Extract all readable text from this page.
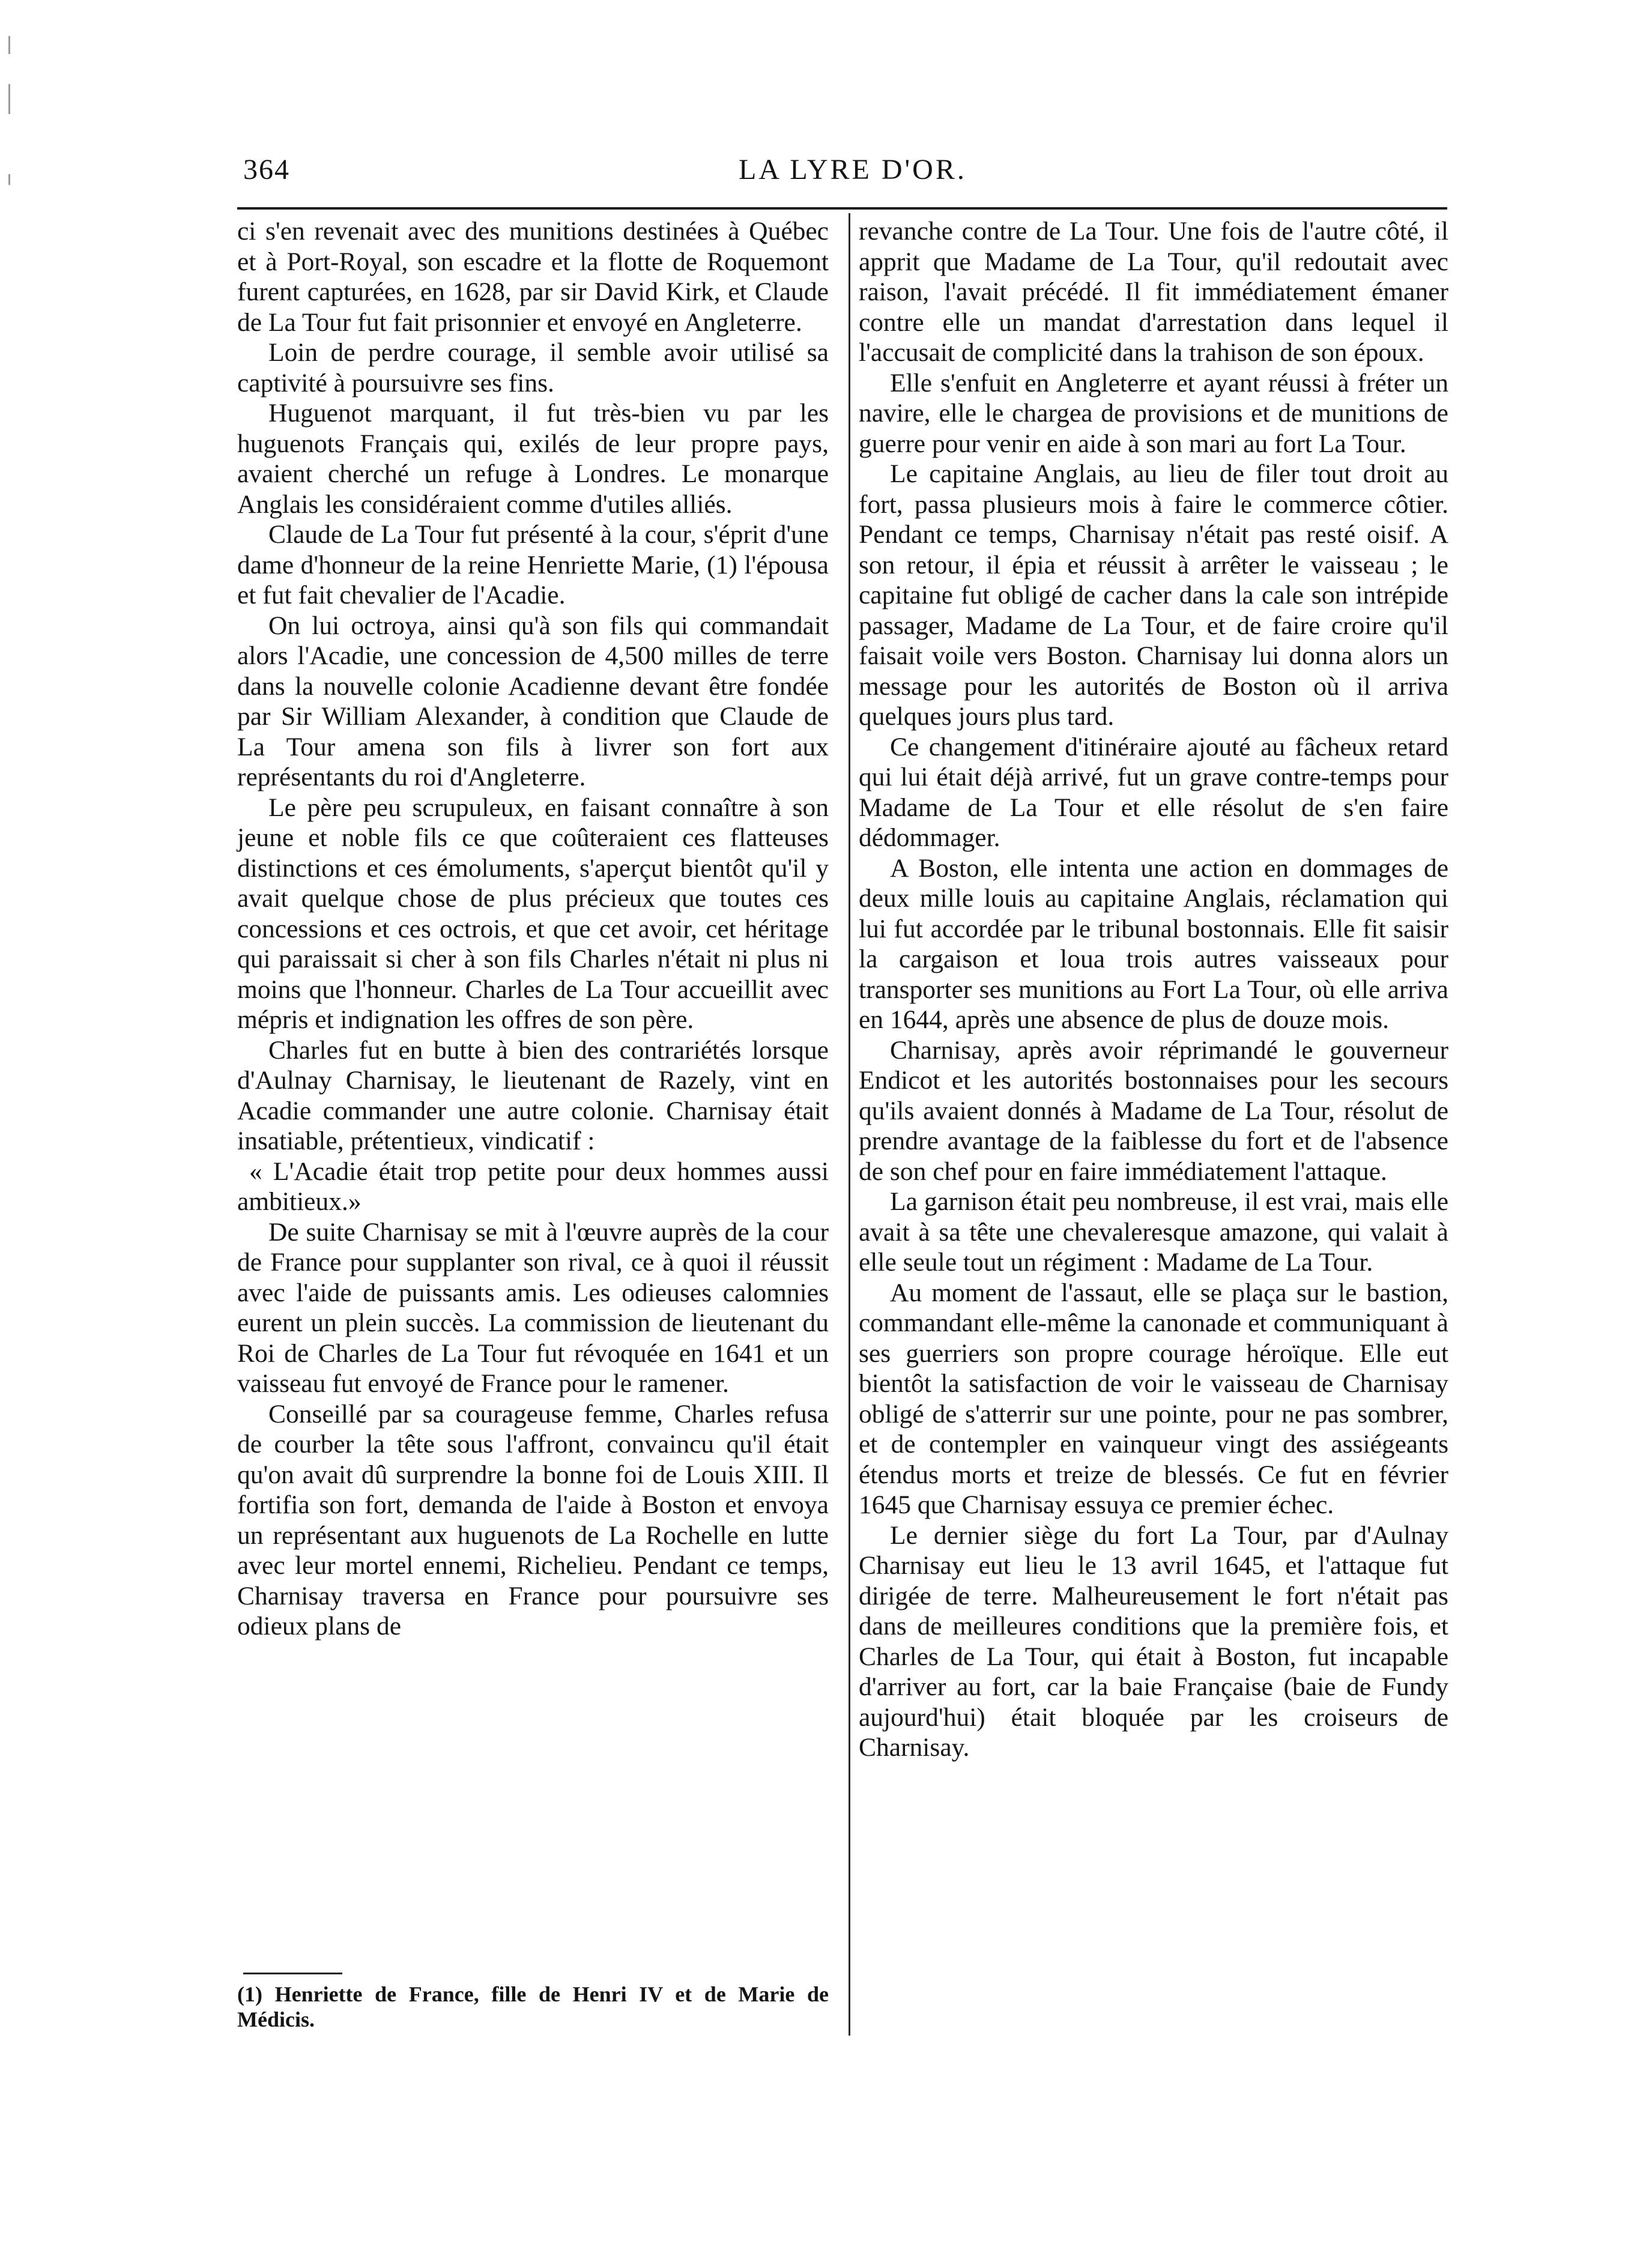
364	LA LYRE D'OR.

ci s'en revenait avec des munitions destinées à Québec et à Port-Royal, son escadre et la flotte de Roquemont furent capturées, en 1628, par sir David Kirk, et Claude de La Tour fut fait prisonnier et envoyé en Angleterre.

Loin de perdre courage, il semble avoir utilisé sa captivité à poursuivre ses fins.

Huguenot marquant, il fut très-bien vu par les huguenots Français qui, exilés de leur propre pays, avaient cherché un refuge à Londres. Le monarque Anglais les considéraient comme d'utiles alliés.

Claude de La Tour fut présenté à la cour, s'éprit d'une dame d'honneur de la reine Henriette Marie, (1) l'épousa et fut fait chevalier de l'Acadie.

On lui octroya, ainsi qu'à son fils qui commandait alors l'Acadie, une concession de 4,500 milles de terre dans la nouvelle colonie Acadienne devant être fondée par Sir William Alexander, à condition que Claude de La Tour amena son fils à livrer son fort aux représentants du roi d'Angleterre.

Le père peu scrupuleux, en faisant connaître à son jeune et noble fils ce que coûteraient ces flatteuses distinctions et ces émoluments, s'aperçut bientôt qu'il y avait quelque chose de plus précieux que toutes ces concessions et ces octrois, et que cet avoir, cet héritage qui paraissait si cher à son fils Charles n'était ni plus ni moins que l'honneur. Charles de La Tour accueillit avec mépris et indignation les offres de son père.

Charles fut en butte à bien des contrariétés lorsque d'Aulnay Charnisay, le lieutenant de Razely, vint en Acadie commander une autre colonie. Charnisay était insatiable, prétentieux, vindicatif :

« L'Acadie était trop petite pour deux hommes aussi ambitieux.»

De suite Charnisay se mit à l'œuvre auprès de la cour de France pour supplanter son rival, ce à quoi il réussit avec l'aide de puissants amis. Les odieuses calomnies eurent un plein succès. La commission de lieutenant du Roi de Charles de La Tour fut révoquée en 1641 et un vaisseau fut envoyé de France pour le ramener.

Conseillé par sa courageuse femme, Charles refusa de courber la tête sous l'affront, convaincu qu'il était qu'on avait dû surprendre la bonne foi de Louis XIII. Il fortifia son fort, demanda de l'aide à Boston et envoya un représentant aux huguenots de La Rochelle en lutte avec leur mortel ennemi, Richelieu. Pendant ce temps, Charnisay traversa en France pour poursuivre ses odieux plans de

(1) Henriette de France, fille de Henri IV et de Marie de Médicis.

revanche contre de La Tour. Une fois de l'autre côté, il apprit que Madame de La Tour, qu'il redoutait avec raison, l'avait précédé. Il fit immédiatement émaner contre elle un mandat d'arrestation dans lequel il l'accusait de complicité dans la trahison de son époux.

Elle s'enfuit en Angleterre et ayant réussi à fréter un navire, elle le chargea de provisions et de munitions de guerre pour venir en aide à son mari au fort La Tour.

Le capitaine Anglais, au lieu de filer tout droit au fort, passa plusieurs mois à faire le commerce côtier. Pendant ce temps, Charnisay n'était pas resté oisif. A son retour, il épia et réussit à arrêter le vaisseau ; le capitaine fut obligé de cacher dans la cale son intrépide passager, Madame de La Tour, et de faire croire qu'il faisait voile vers Boston. Charnisay lui donna alors un message pour les autorités de Boston où il arriva quelques jours plus tard.

Ce changement d'itinéraire ajouté au fâcheux retard qui lui était déjà arrivé, fut un grave contre-temps pour Madame de La Tour et elle résolut de s'en faire dédommager.

A Boston, elle intenta une action en dommages de deux mille louis au capitaine Anglais, réclamation qui lui fut accordée par le tribunal bostonnais. Elle fit saisir la cargaison et loua trois autres vaisseaux pour transporter ses munitions au Fort La Tour, où elle arriva en 1644, après une absence de plus de douze mois.

Charnisay, après avoir réprimandé le gouverneur Endicot et les autorités bostonnaises pour les secours qu'ils avaient donnés à Madame de La Tour, résolut de prendre avantage de la faiblesse du fort et de l'absence de son chef pour en faire immédiatement l'attaque.

La garnison était peu nombreuse, il est vrai, mais elle avait à sa tête une chevaleresque amazone, qui valait à elle seule tout un régiment : Madame de La Tour.

Au moment de l'assaut, elle se plaça sur le bastion, commandant elle-même la canonade et communiquant à ses guerriers son propre courage héroïque. Elle eut bientôt la satisfaction de voir le vaisseau de Charnisay obligé de s'atterrir sur une pointe, pour ne pas sombrer, et de contempler en vainqueur vingt des assiégeants étendus morts et treize de blessés. Ce fut en février 1645 que Charnisay essuya ce premier échec.

Le dernier siège du fort La Tour, par d'Aulnay Charnisay eut lieu le 13 avril 1645, et l'attaque fut dirigée de terre. Malheureusement le fort n'était pas dans de meilleures conditions que la première fois, et Charles de La Tour, qui était à Boston, fut incapable d'arriver au fort, car la baie Française (baie de Fundy aujourd'hui) était bloquée par les croiseurs de Charnisay.
